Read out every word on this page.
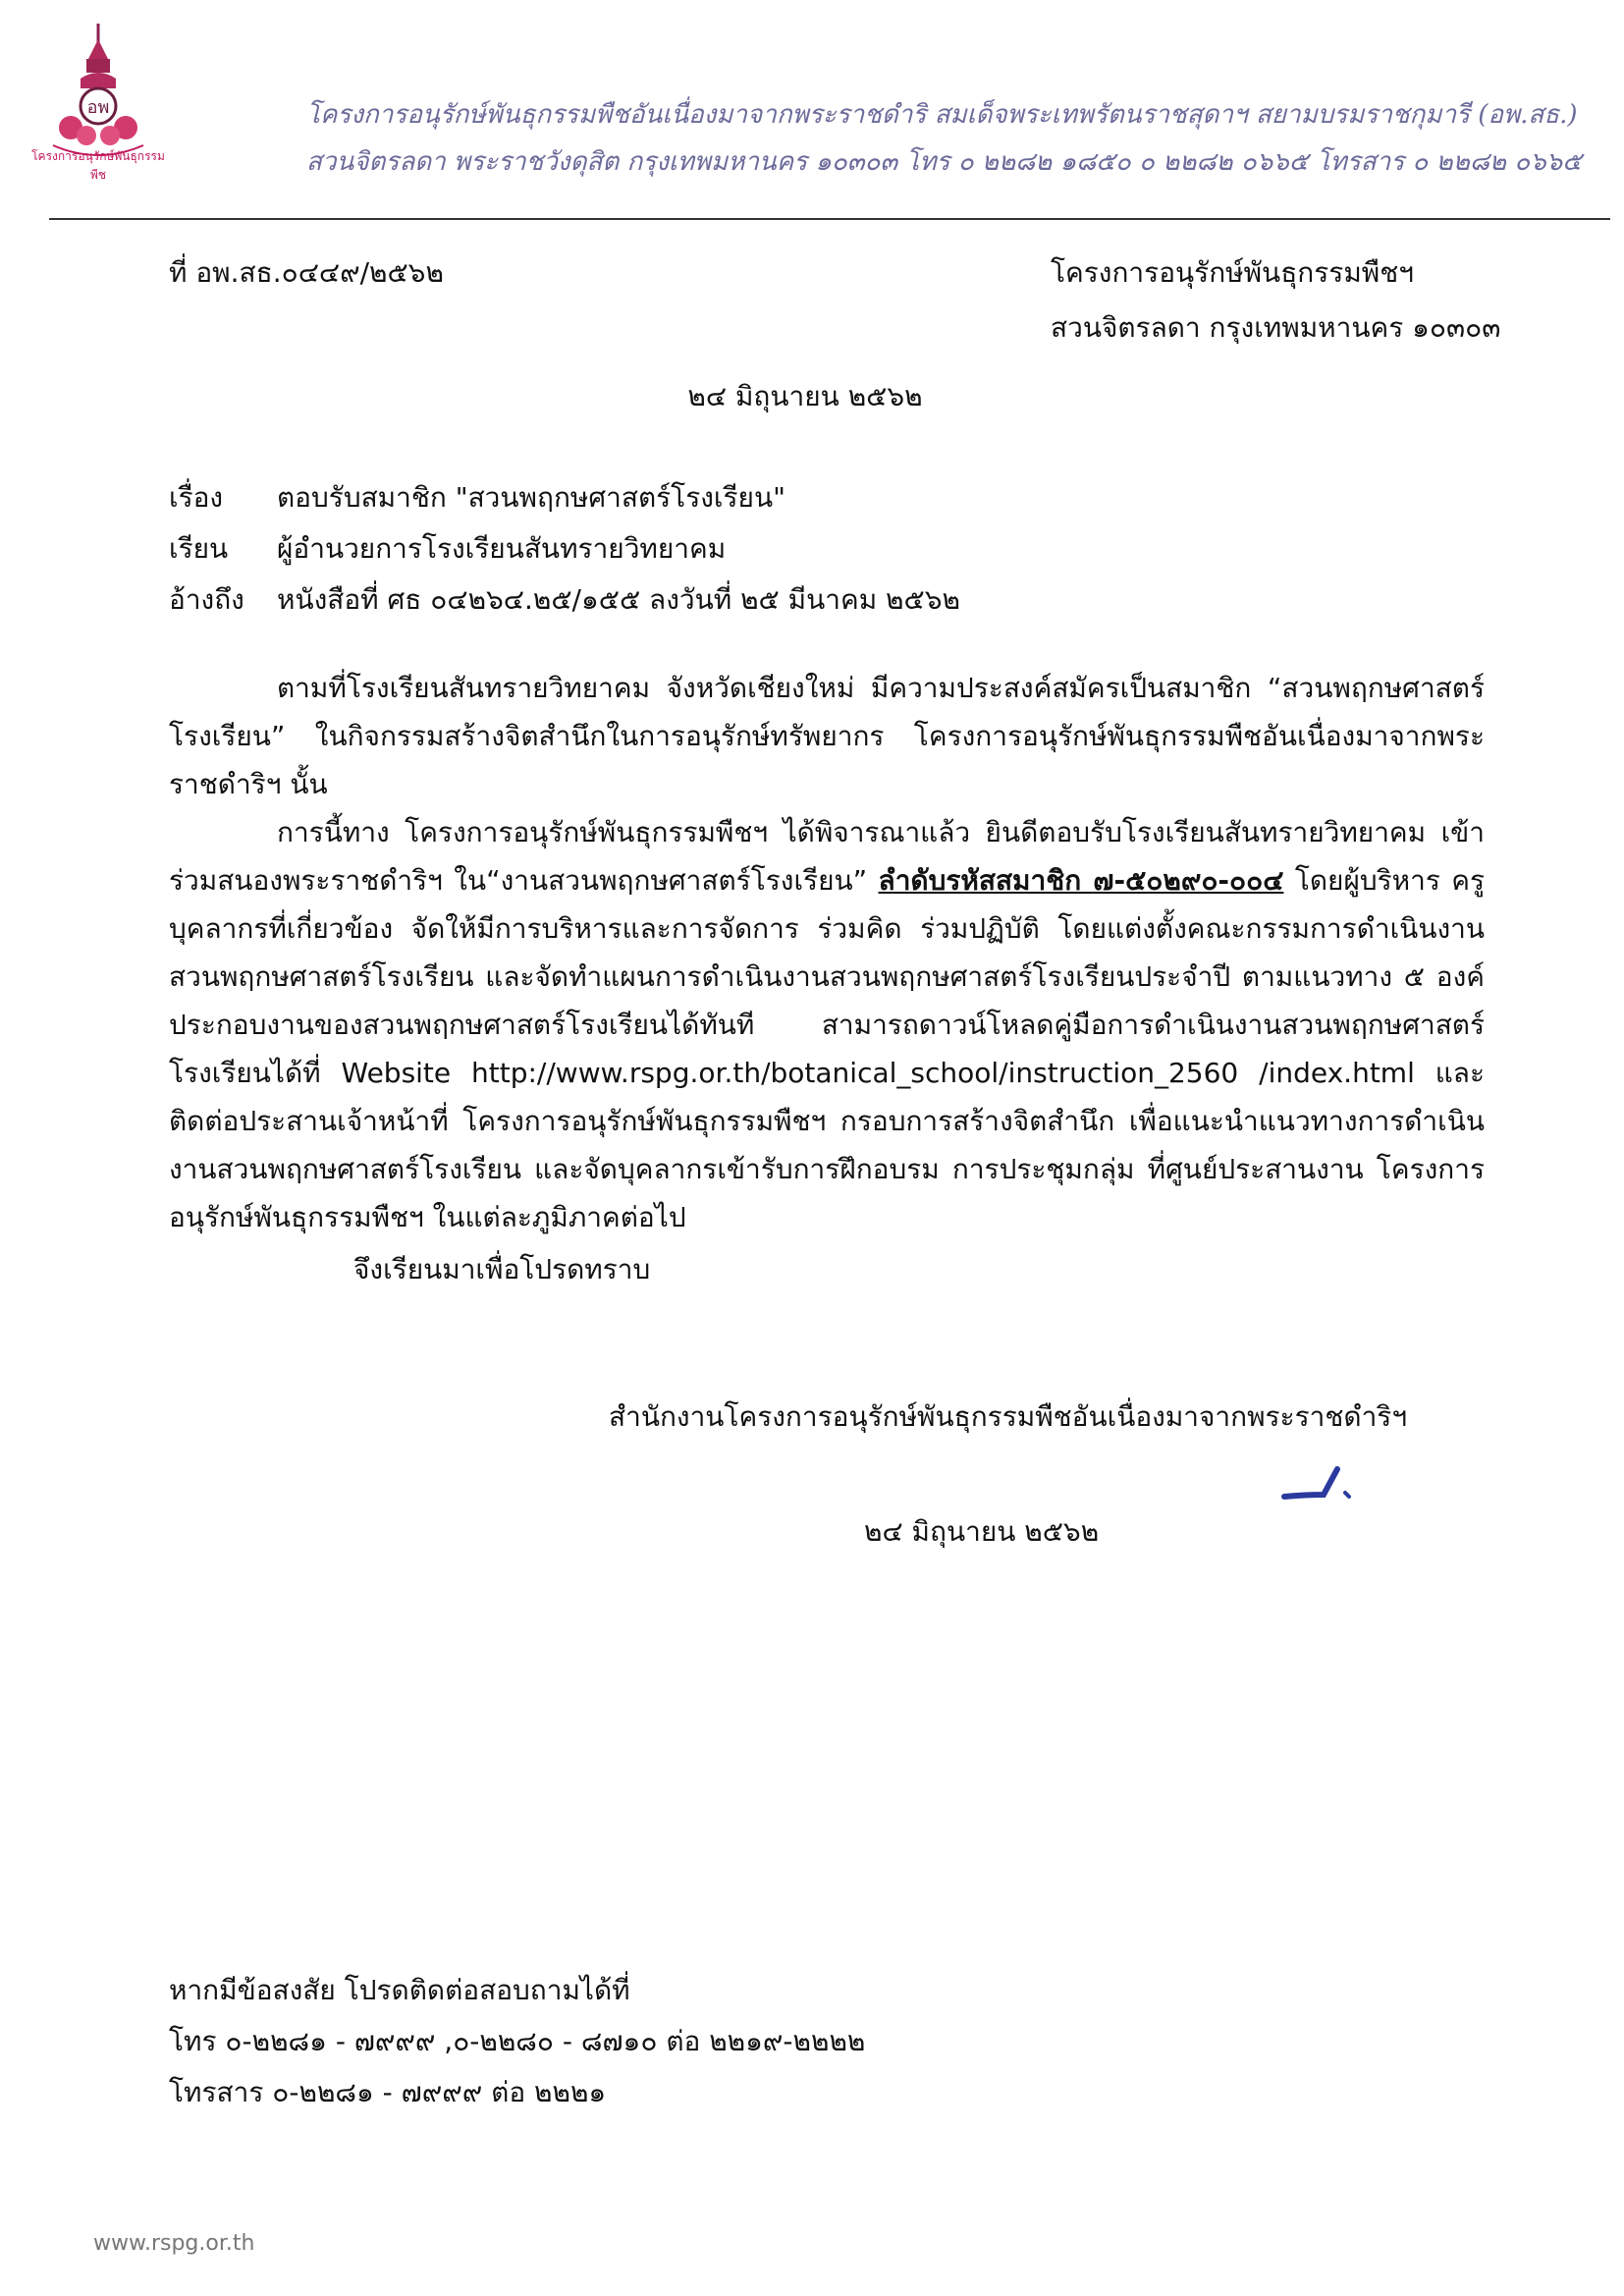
อพ
โครงการอนุรักษ์พันธุกรรมพืช
โครงการอนุรักษ์พันธุกรรมพืชอันเนื่องมาจากพระราชดำริ สมเด็จพระเทพรัตนราชสุดาฯ สยามบรมราชกุมารี (อพ.สธ.)
สวนจิตรลดา พระราชวังดุสิต กรุงเทพมหานคร ๑๐๓๐๓ โทร ๐ ๒๒๘๒ ๑๘๕๐ ๐ ๒๒๘๒ ๐๖๖๕ โทรสาร ๐ ๒๒๘๒ ๐๖๖๕
ที่ อพ.สธ.๐๔๔๙/๒๕๖๒	โครงการอนุรักษ์พันธุกรรมพืชฯ
สวนจิตรลดา กรุงเทพมหานคร ๑๐๓๐๓
๒๔ มิถุนายน ๒๕๖๒
เรื่อง ตอบรับสมาชิก "สวนพฤกษศาสตร์โรงเรียน"
เรียน ผู้อำนวยการโรงเรียนสันทรายวิทยาคม
อ้างถึง หนังสือที่ ศธ ๐๔๒๖๔.๒๕/๑๕๕ ลงวันที่ ๒๕ มีนาคม ๒๕๖๒
ตามที่โรงเรียนสันทรายวิทยาคม จังหวัดเชียงใหม่ มีความประสงค์สมัครเป็นสมาชิก “สวนพฤกษศาสตร์โรงเรียน” ในกิจกรรมสร้างจิตสำนึกในการอนุรักษ์ทรัพยากร โครงการอนุรักษ์พันธุกรรมพืชอันเนื่องมาจากพระราชดำริฯ นั้น
การนี้ทาง โครงการอนุรักษ์พันธุกรรมพืชฯ ได้พิจารณาแล้ว ยินดีตอบรับโรงเรียนสันทรายวิทยาคม เข้าร่วมสนองพระราชดำริฯ ใน“งานสวนพฤกษศาสตร์โรงเรียน” ลำดับรหัสสมาชิก ๗-๕๐๒๙๐-๐๐๔ โดยผู้บริหาร ครู บุคลากรที่เกี่ยวข้อง จัดให้มีการบริหารและการจัดการ ร่วมคิด ร่วมปฏิบัติ โดยแต่งตั้งคณะกรรมการดำเนินงานสวนพฤกษศาสตร์โรงเรียน และจัดทำแผนการดำเนินงานสวนพฤกษศาสตร์โรงเรียนประจำปี ตามแนวทาง ๕ องค์ประกอบงานของสวนพฤกษศาสตร์โรงเรียนได้ทันที สามารถดาวน์โหลดคู่มือการดำเนินงานสวนพฤกษศาสตร์โรงเรียนได้ที่ Website http://www.rspg.or.th/botanical_school/instruction_2560 /index.html และติดต่อประสานเจ้าหน้าที่ โครงการอนุรักษ์พันธุกรรมพืชฯ กรอบการสร้างจิตสำนึก เพื่อแนะนำแนวทางการดำเนินงานสวนพฤกษศาสตร์โรงเรียน และจัดบุคลากรเข้ารับการฝึกอบรม การประชุมกลุ่ม ที่ศูนย์ประสานงาน โครงการอนุรักษ์พันธุกรรมพืชฯ ในแต่ละภูมิภาคต่อไป
จึงเรียนมาเพื่อโปรดทราบ
สำนักงานโครงการอนุรักษ์พันธุกรรมพืชอันเนื่องมาจากพระราชดำริฯ
๒๔ มิถุนายน ๒๕๖๒
หากมีข้อสงสัย โปรดติดต่อสอบถามได้ที่
โทร ๐-๒๒๘๑ - ๗๙๙๙ ,๐-๒๒๘๐ - ๘๗๑๐ ต่อ ๒๒๑๙-๒๒๒๒
โทรสาร ๐-๒๒๘๑ - ๗๙๙๙ ต่อ ๒๒๒๑
www.rspg.or.th
